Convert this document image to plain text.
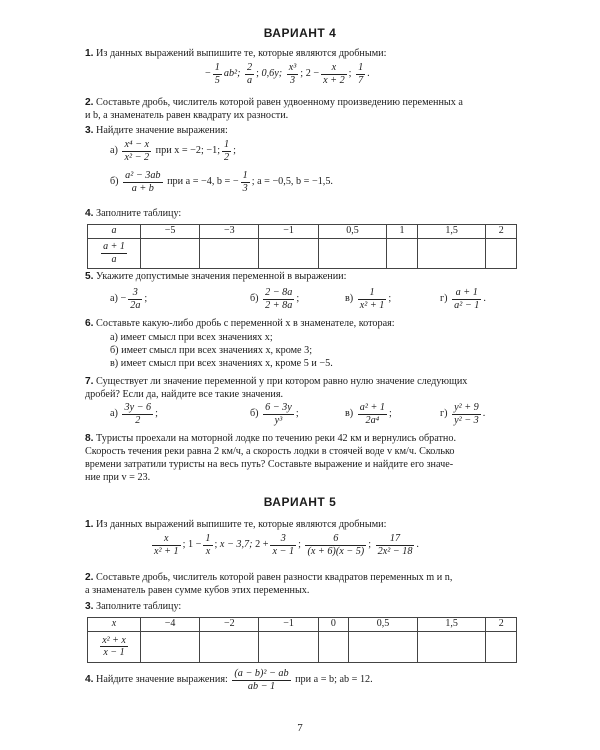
ВАРИАНТ 4
1. Из данных выражений выпишите те, которые являются дробными:
− $\frac{1}{5} ab^2$;
$\frac{2}{a}$ ;
0,6y;
$\frac{\text{x³}}{3}$ ;
$2 - \frac{x}{x + 2}$ ;
$\frac{1}{7}$ .
2. Составьте дробь, числитель которой равен удвоенному произведению переменных a
и b, а знаменатель равен квадрату их разности.
3. Найдите значение выражения:
а)
$\frac{\text{x⁴ − x}}{\text{x² − 2}}$
при x = −2; −1; $\frac{1}{2}$ ;
б)
$\frac{\text{a² − 3ab}}{a + b}$
при a = −4, b = − $\frac{1}{3}$ ; a = −0,5, b = −1,5.
4. Заполните таблицу:
a	−5	−3	−1	0,5	1	1,5	2

$\frac{a + 1}{a}$

5. Укажите допустимые значения переменной в выражении:
а)
− $\frac{3}{2a}$ ;	б)
$\frac{2 - 8a}{2 + 8a}$ ;	в)
$\frac{1}{\text{x² + 1}}$ ;	г)
$\frac{a + 1}{\text{a² − 1}}$ .
6. Составьте какую-либо дробь с переменной x в знаменателе, которая:
а) имеет смысл при всех значениях x;
б) имеет смысл при всех значениях x, кроме 3;
в) имеет смысл при всех значениях x, кроме 5 и −5.
7. Существует ли значение переменной y при котором равно нулю значение следующих
дробей? Если да, найдите все такие значения.
а)
$\frac{3y - 6}{2}$ ;	б)
$\frac{6 - 3y}{\text{y³}}$ ;	в)
$\frac{\text{a² + 1}}{\text{2a⁴}}$ ;	г)
$\frac{\text{y² + 9}}{\text{y² − 3}}$ .
8. Туристы проехали на моторной лодке по течению реки 42 км и вернулись обратно.
Скорость течения реки равна 2 км/ч, а скорость лодки в стоячей воде v км/ч. Сколько
времени затратили туристы на весь путь? Составьте выражение и найдите его значе-
ние при v = 23.
ВАРИАНТ 5
1. Из данных выражений выпишите те, которые являются дробными:
$\frac{x}{\text{x² + 1}}$ ;
$1 - \frac{1}{x}$ ;
x − 3,7;
$2 + \frac{3}{x - 1}$ ;
$\frac{6}{(x + 6)(x - 5)}$ ;
$\frac{17}{\text{2x² − 18}}$ .
2. Составьте дробь, числитель которой равен разности квадратов переменных m и n,
а знаменатель равен сумме кубов этих переменных.
3. Заполните таблицу:
x	−4	−2	−1	0	0,5	1,5	2

$\frac{\text{x² + x}}{x - 1}$

4.
Найдите значение выражения:
$\frac{\text{(a − b)² − ab}}{ab - 1}$
при a = b; ab = 12.
7
